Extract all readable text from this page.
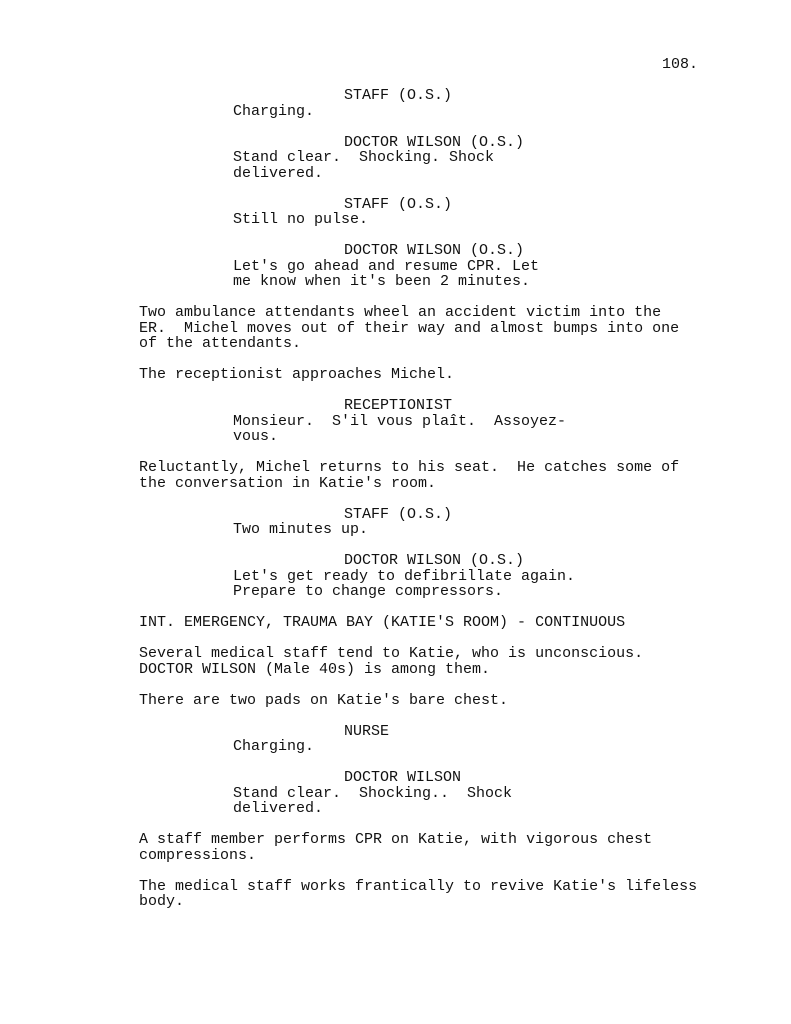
108.
STAFF (O.S.)
Charging.
DOCTOR WILSON (O.S.)
Stand clear.  Shocking. Shock
delivered.
STAFF (O.S.)
Still no pulse.
DOCTOR WILSON (O.S.)
Let's go ahead and resume CPR. Let
me know when it's been 2 minutes.
Two ambulance attendants wheel an accident victim into the
ER.  Michel moves out of their way and almost bumps into one
of the attendants.
The receptionist approaches Michel.
RECEPTIONIST
Monsieur.  S'il vous plaît.  Assoyez-
vous.
Reluctantly, Michel returns to his seat.  He catches some of
the conversation in Katie's room.
STAFF (O.S.)
Two minutes up.
DOCTOR WILSON (O.S.)
Let's get ready to defibrillate again.
Prepare to change compressors.
INT. EMERGENCY, TRAUMA BAY (KATIE'S ROOM) - CONTINUOUS
Several medical staff tend to Katie, who is unconscious.
DOCTOR WILSON (Male 40s) is among them.
There are two pads on Katie's bare chest.
NURSE
Charging.
DOCTOR WILSON
Stand clear.  Shocking..  Shock
delivered.
A staff member performs CPR on Katie, with vigorous chest
compressions.
The medical staff works frantically to revive Katie's lifeless
body.
